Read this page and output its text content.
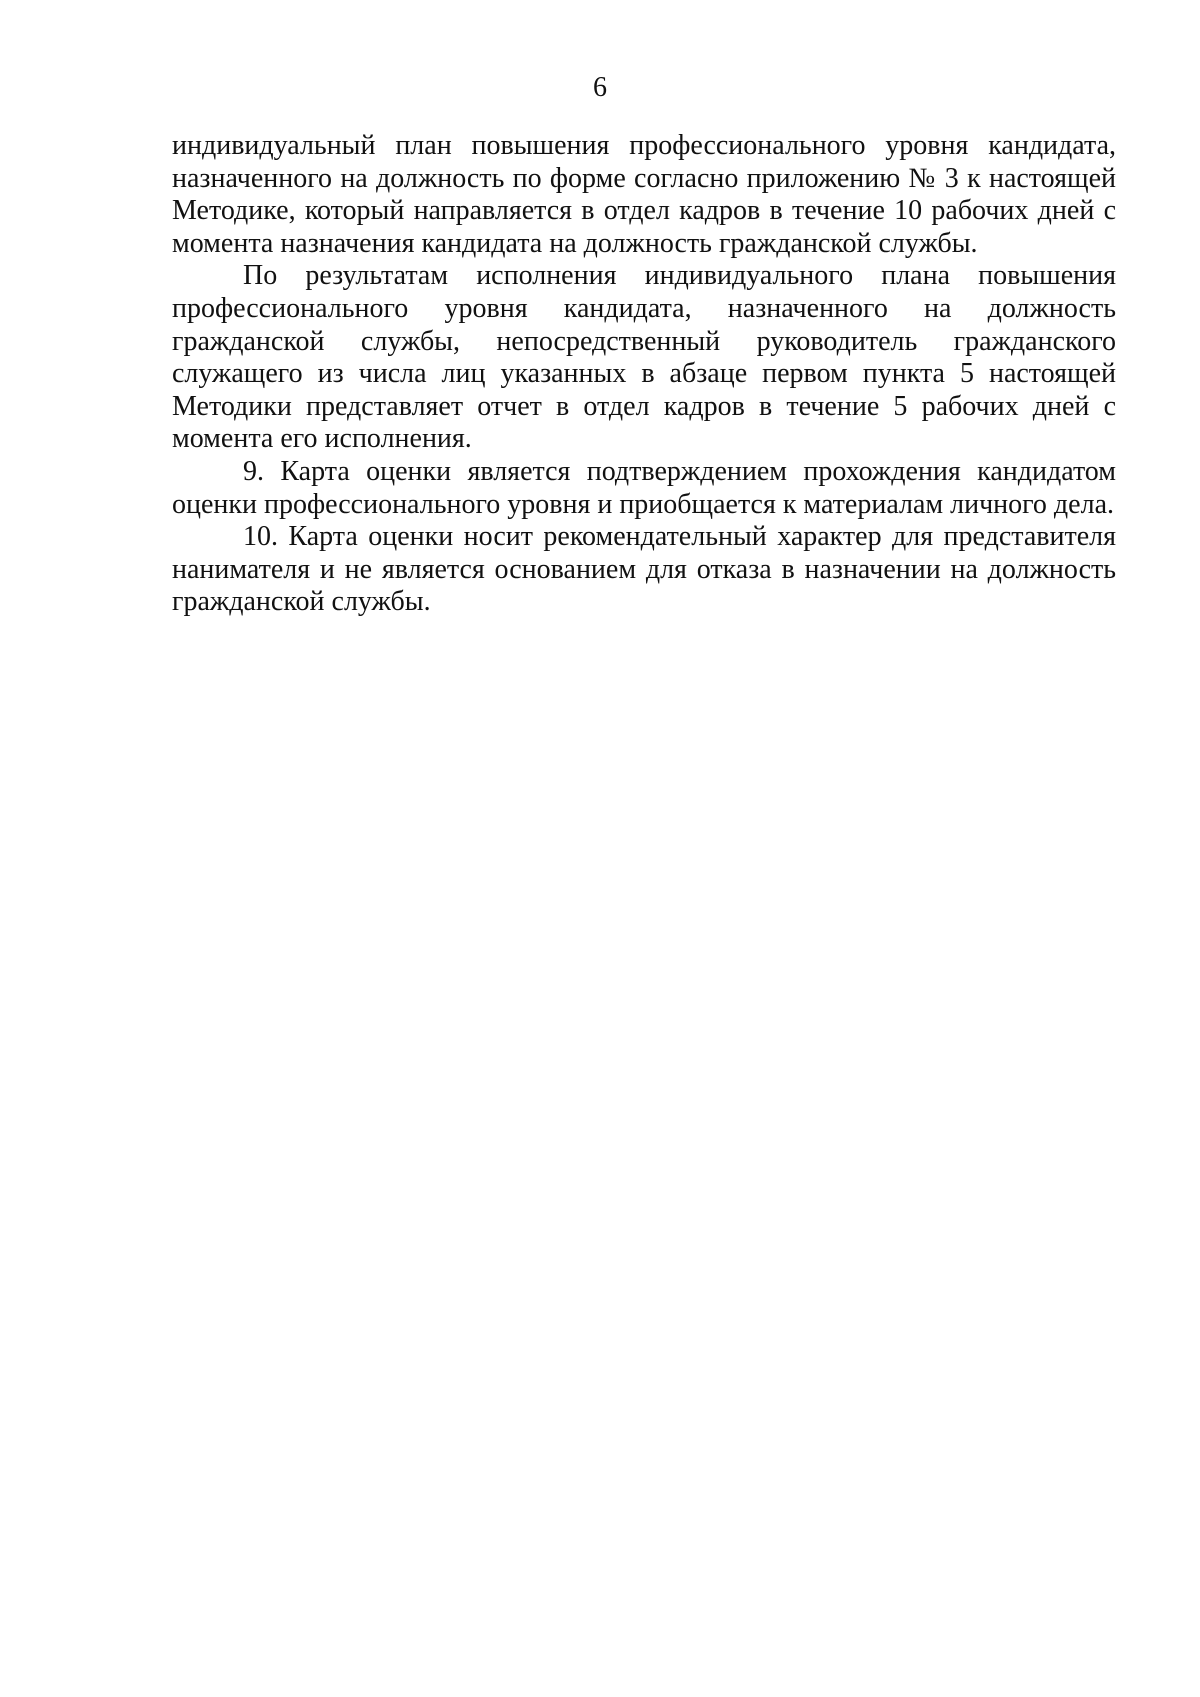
6

индивидуальный план повышения профессионального уровня кандидата, назначенного на должность по форме согласно приложению № 3 к настоящей Методике, который направляется в отдел кадров в течение 10 рабочих дней с момента назначения кандидата на должность гражданской службы.

По результатам исполнения индивидуального плана повышения профессионального уровня кандидата, назначенного на должность гражданской службы, непосредственный руководитель гражданского служащего из числа лиц указанных в абзаце первом пункта 5 настоящей Методики представляет отчет в отдел кадров в течение 5 рабочих дней с момента его исполнения.

9. Карта оценки является подтверждением прохождения кандидатом оценки профессионального уровня и приобщается к материалам личного дела.

10. Карта оценки носит рекомендательный характер для представителя нанимателя и не является основанием для отказа в назначении на должность гражданской службы.
